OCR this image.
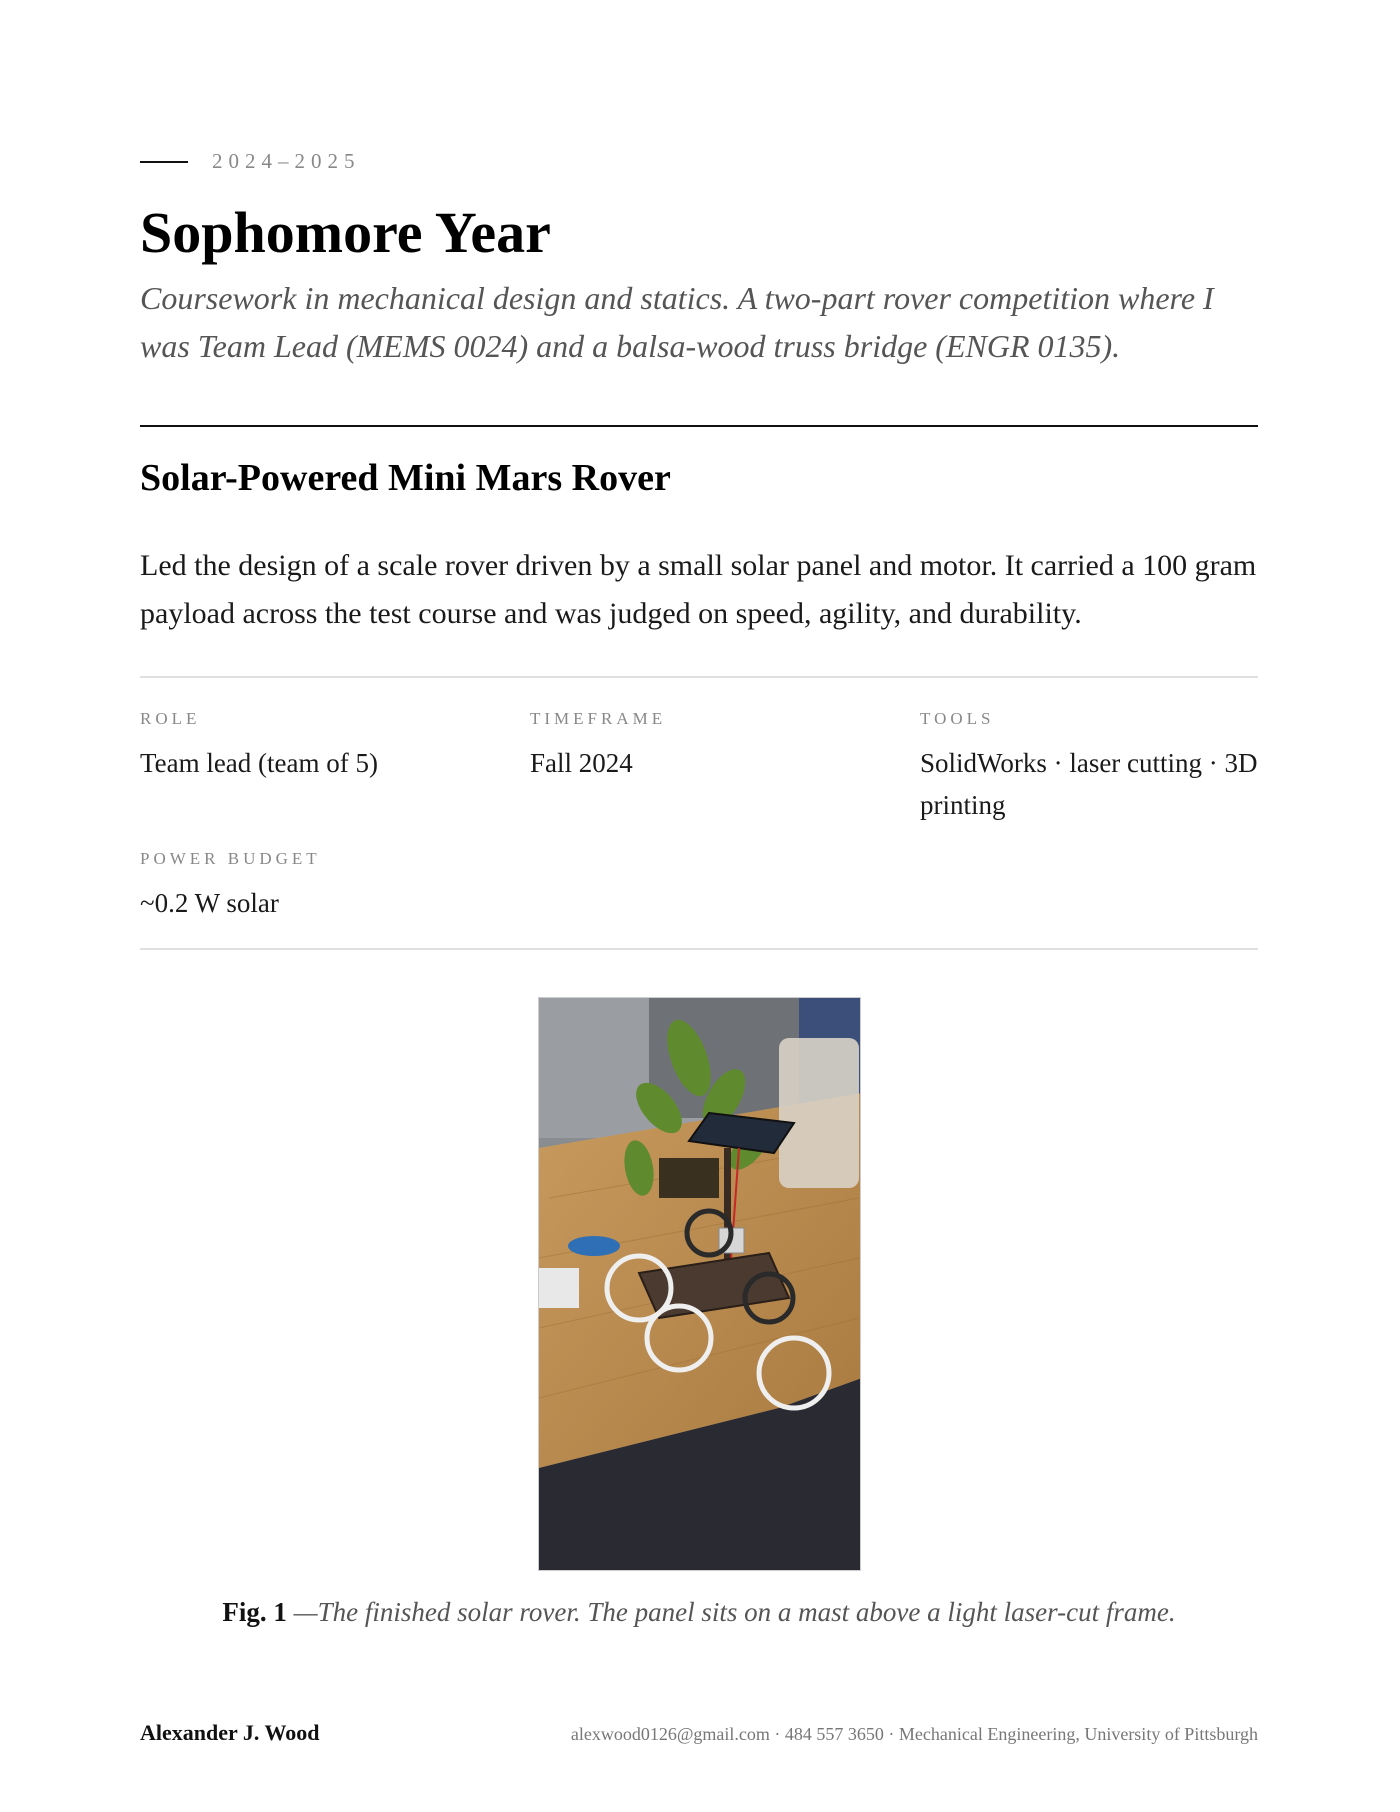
2024–2025
Sophomore Year

Coursework in mechanical design and statics. A two-part rover competition where I was Team Lead (MEMS 0024) and a balsa-wood truss bridge (ENGR 0135).

Solar-Powered Mini Mars Rover

Led the design of a scale rover driven by a small solar panel and motor. It carried a 100 gram payload across the test course and was judged on speed, agility, and durability.

ROLE
Team lead (team of 5)
TIMEFRAME
Fall 2024
TOOLS
SolidWorks · laser cutting · 3D printing
POWER BUDGET
~0.2 W solar
Fig. 1 —The finished solar rover. The panel sits on a mast above a light laser-cut frame.
Alexander J. Wood	alexwood0126@gmail.com · 484 557 3650 · Mechanical Engineering, University of Pittsburgh
